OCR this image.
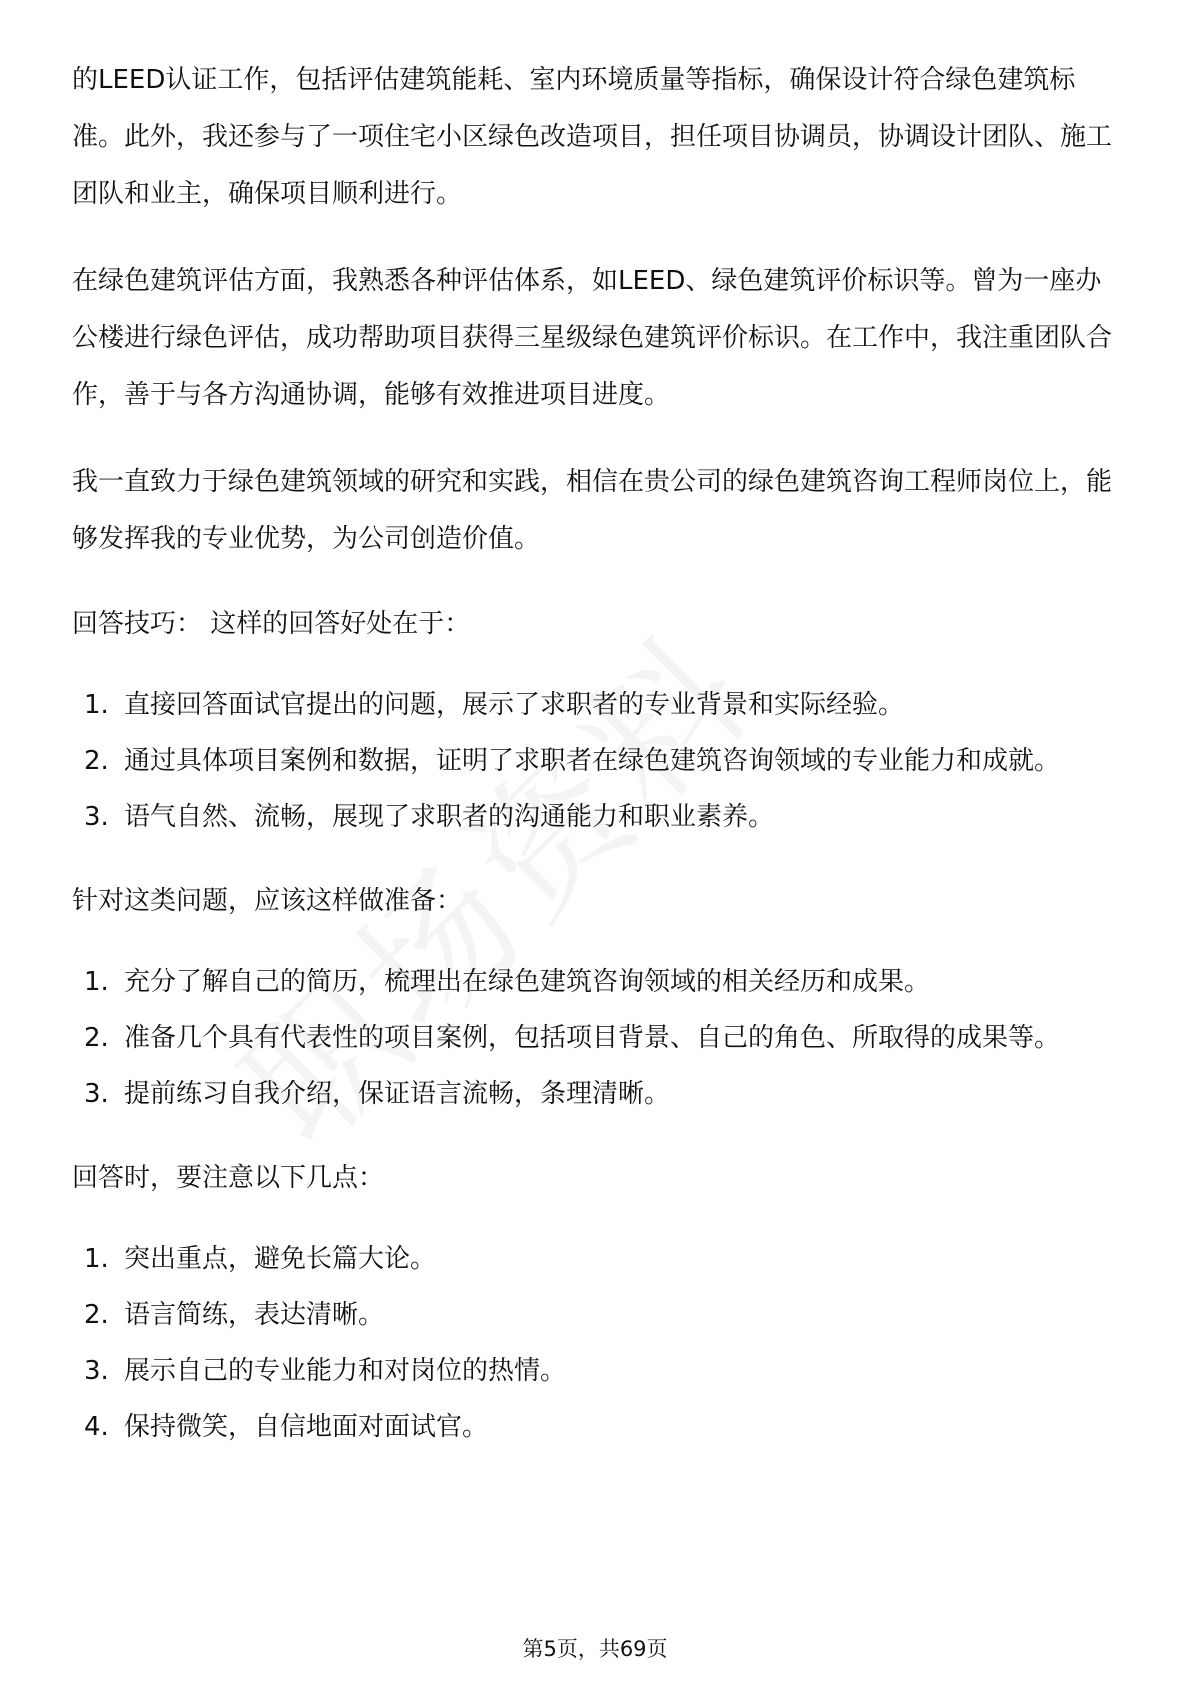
的LEED认证工作，包括评估建筑能耗、室内环境质量等指标，确保设计符合绿色建筑标准。此外，我还参与了一项住宅小区绿色改造项目，担任项目协调员，协调设计团队、施工团队和业主，确保项目顺利进行。

在绿色建筑评估方面，我熟悉各种评估体系，如LEED、绿色建筑评价标识等。曾为一座办公楼进行绿色评估，成功帮助项目获得三星级绿色建筑评价标识。在工作中，我注重团队合作，善于与各方沟通协调，能够有效推进项目进度。

我一直致力于绿色建筑领域的研究和实践，相信在贵公司的绿色建筑咨询工程师岗位上，能够发挥我的专业优势，为公司创造价值。

回答技巧： 这样的回答好处在于：

1. 直接回答面试官提出的问题，展示了求职者的专业背景和实际经验。
2. 通过具体项目案例和数据，证明了求职者在绿色建筑咨询领域的专业能力和成就。
3. 语气自然、流畅，展现了求职者的沟通能力和职业素养。

针对这类问题，应该这样做准备：

1. 充分了解自己的简历，梳理出在绿色建筑咨询领域的相关经历和成果。
2. 准备几个具有代表性的项目案例，包括项目背景、自己的角色、所取得的成果等。
3. 提前练习自我介绍，保证语言流畅，条理清晰。

回答时，要注意以下几点：

1. 突出重点，避免长篇大论。
2. 语言简练，表达清晰。
3. 展示自己的专业能力和对岗位的热情。
4. 保持微笑，自信地面对面试官。
第5页，共69页
